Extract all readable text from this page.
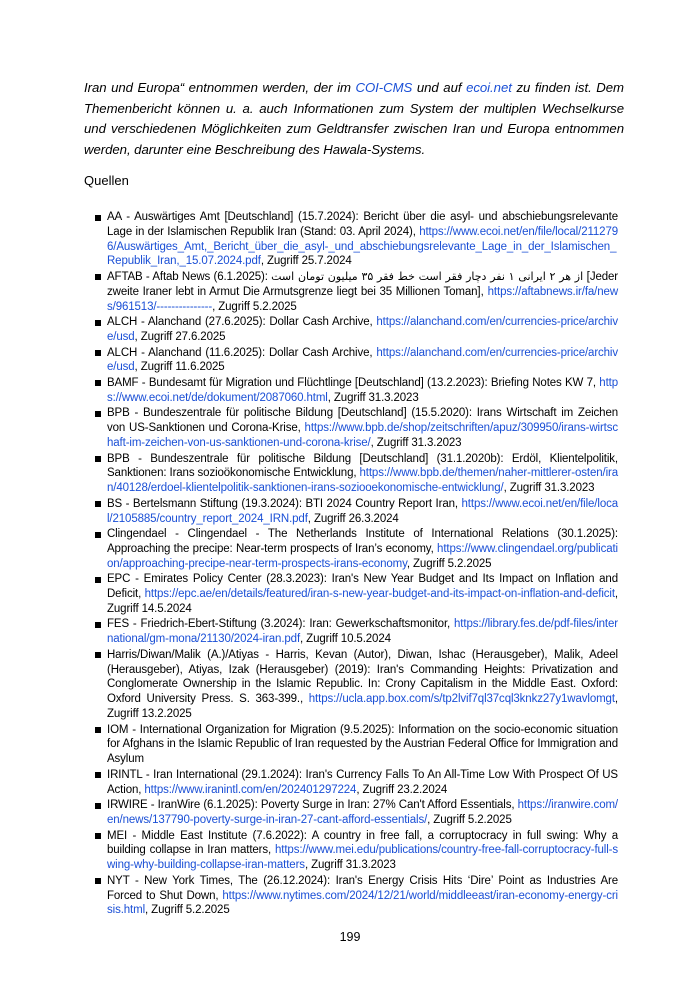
Iran und Europa“ entnommen werden, der im COI-CMS und auf ecoi.net zu finden ist. Dem Themenbericht können u. a. auch Informationen zum System der multiplen Wechselkurse und verschiedenen Möglichkeiten zum Geldtransfer zwischen Iran und Europa entnommen werden, darunter eine Beschreibung des Hawala-Systems.

Quellen
AA - Auswärtiges Amt [Deutschland] (15.7.2024): Bericht über die asyl- und abschiebungsrelevante Lage in der Islamischen Republik Iran (Stand: 03. April 2024), https://www.ecoi.net/en/file/local/2112796/Auswärtiges_Amt,_Bericht_über_die_asyl-_und_abschiebungsrelevante_Lage_in_der_Islamischen_Republik_Iran,_15.07.2024.pdf, Zugriff 25.7.2024
AFTAB - Aftab News (6.1.2025): از هر ۲ ایرانی ۱ نفر دچار فقر است خط فقر ۳۵ میلیون تومان است [Jeder zweite Iraner lebt in Armut Die Armutsgrenze liegt bei 35 Millionen Toman], https://aftabnews.ir/fa/news/961513/---------------, Zugriff 5.2.2025
ALCH - Alanchand (27.6.2025): Dollar Cash Archive, https://alanchand.com/en/currencies-price/archive/usd, Zugriff 27.6.2025
ALCH - Alanchand (11.6.2025): Dollar Cash Archive, https://alanchand.com/en/currencies-price/archive/usd, Zugriff 11.6.2025
BAMF - Bundesamt für Migration und Flüchtlinge [Deutschland] (13.2.2023): Briefing Notes KW 7, https://www.ecoi.net/de/dokument/2087060.html, Zugriff 31.3.2023
BPB - Bundeszentrale für politische Bildung [Deutschland] (15.5.2020): Irans Wirtschaft im Zeichen von US-Sanktionen und Corona-Krise, https://www.bpb.de/shop/zeitschriften/apuz/309950/irans-wirtschaft-im-zeichen-von-us-sanktionen-und-corona-krise/, Zugriff 31.3.2023
BPB - Bundeszentrale für politische Bildung [Deutschland] (31.1.2020b): Erdöl, Klientelpolitik, Sanktionen: Irans sozioökonomische Entwicklung, https://www.bpb.de/themen/naher-mittlerer-osten/iran/40128/erdoel-klientelpolitik-sanktionen-irans-soziooekonomische-entwicklung/, Zugriff 31.3.2023
BS - Bertelsmann Stiftung (19.3.2024): BTI 2024 Country Report Iran, https://www.ecoi.net/en/file/local/2105885/country_report_2024_IRN.pdf, Zugriff 26.3.2024
Clingendael - Clingendael - The Netherlands Institute of International Relations (30.1.2025): Approaching the precipe: Near-term prospects of Iran’s economy, https://www.clingendael.org/publication/approaching-precipe-near-term-prospects-irans-economy, Zugriff 5.2.2025
EPC - Emirates Policy Center (28.3.2023): Iran's New Year Budget and Its Impact on Inflation and Deficit, https://epc.ae/en/details/featured/iran-s-new-year-budget-and-its-impact-on-inflation-and-deficit, Zugriff 14.5.2024
FES - Friedrich-Ebert-Stiftung (3.2024): Iran: Gewerkschaftsmonitor, https://library.fes.de/pdf-files/international/gm-mona/21130/2024-iran.pdf, Zugriff 10.5.2024
Harris/Diwan/Malik (A.)/Atiyas - Harris, Kevan (Autor), Diwan, Ishac (Herausgeber), Malik, Adeel (Herausgeber), Atiyas, Izak (Herausgeber) (2019): Iran's Commanding Heights: Privatization and Conglomerate Ownership in the Islamic Republic. In: Crony Capitalism in the Middle East. Oxford: Oxford University Press. S. 363-399., https://ucla.app.box.com/s/tp2lvif7ql37cql3knkz27y1wavlomgt, Zugriff 13.2.2025
IOM - International Organization for Migration (9.5.2025): Information on the socio-economic situation for Afghans in the Islamic Republic of Iran requested by the Austrian Federal Office for Immigration and Asylum
IRINTL - Iran International (29.1.2024): Iran's Currency Falls To An All-Time Low With Prospect Of US Action, https://www.iranintl.com/en/202401297224, Zugriff 23.2.2024
IRWIRE - IranWire (6.1.2025): Poverty Surge in Iran: 27% Can't Afford Essentials, https://iranwire.com/en/news/137790-poverty-surge-in-iran-27-cant-afford-essentials/, Zugriff 5.2.2025
MEI - Middle East Institute (7.6.2022): A country in free fall, a corruptocracy in full swing: Why a building collapse in Iran matters, https://www.mei.edu/publications/country-free-fall-corruptocracy-full-swing-why-building-collapse-iran-matters, Zugriff 31.3.2023
NYT - New York Times, The (26.12.2024): Iran's Energy Crisis Hits ‘Dire’ Point as Industries Are Forced to Shut Down, https://www.nytimes.com/2024/12/21/world/middleeast/iran-economy-energy-crisis.html, Zugriff 5.2.2025
199
